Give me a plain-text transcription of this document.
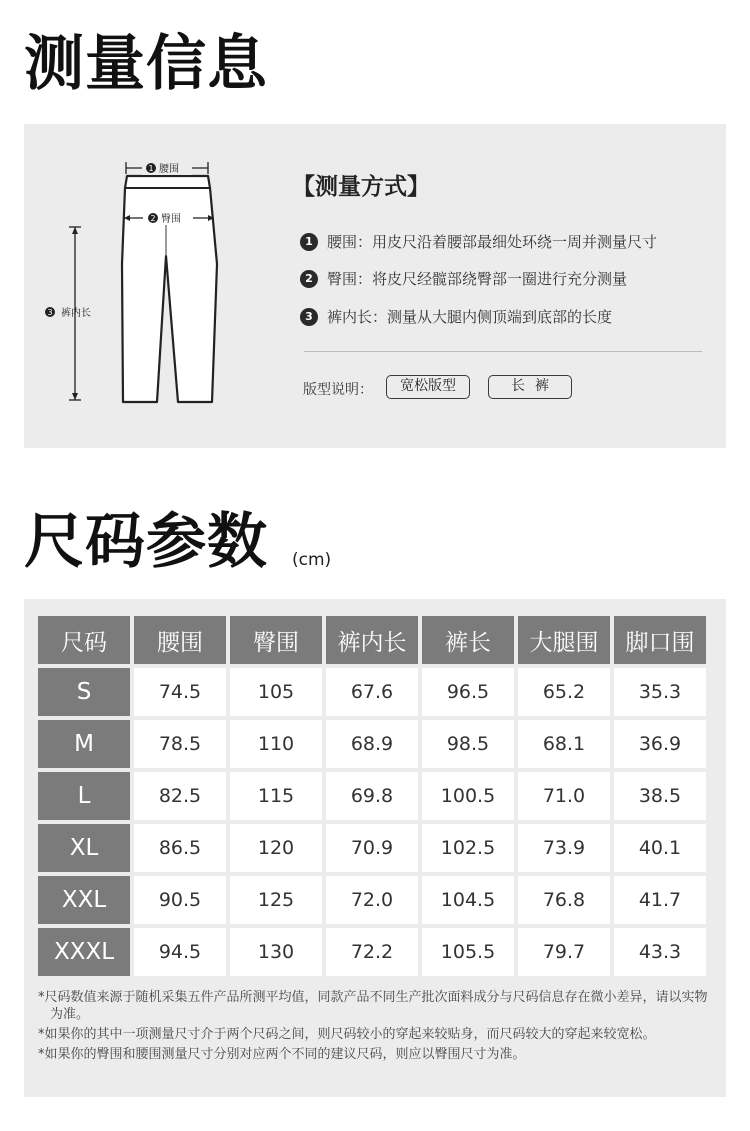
测量信息
1 腰围
2 臀围
3 裤内长
【测量方式】
1 腰围：用皮尺沿着腰部最细处环绕一周并测量尺寸
2 臀围：将皮尺经髋部绕臀部一圈进行充分测量
3 裤内长：测量从大腿内侧顶端到底部的长度
版型说明：	宽松版型	长裤
尺码参数 (cm)
尺码	腰围	臀围	裤内长	裤长	大腿围	脚口围
S	74.5	105	67.6	96.5	65.2	35.3
M	78.5	110	68.9	98.5	68.1	36.9
L	82.5	115	69.8	100.5	71.0	38.5
XL	86.5	120	70.9	102.5	73.9	40.1
XXL	90.5	125	72.0	104.5	76.8	41.7
XXXL	94.5	130	72.2	105.5	79.7	43.3

*尺码数值来源于随机采集五件产品所测平均值，同款产品不同生产批次面料成分与尺码信息存在微小差异，请以实物为准。

*如果你的其中一项测量尺寸介于两个尺码之间，则尺码较小的穿起来较贴身，而尺码较大的穿起来较宽松。

*如果你的臀围和腰围测量尺寸分别对应两个不同的建议尺码，则应以臀围尺寸为准。
